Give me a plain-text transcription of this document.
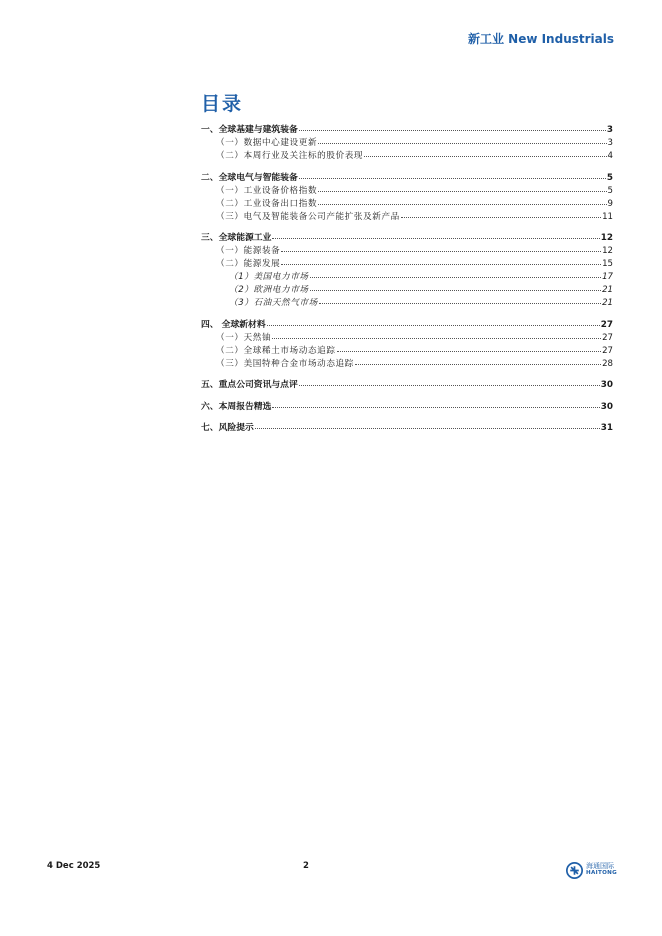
新工业 New Industrials
目录
一、全球基建与建筑装备	3
（一）数据中心建设更新	3
（二）本周行业及关注标的股价表现	4
二、全球电气与智能装备	5
（一）工业设备价格指数	5
（二）工业设备出口指数	9
（三）电气及智能装备公司产能扩张及新产品	11
三、全球能源工业	12
（一）能源装备	12
（二）能源发展	15
（1）美国电力市场	17
（2）欧洲电力市场	21
（3）石油天然气市场	21
四、 全球新材料	27
（一）天然铀	27
（二）全球稀土市场动态追踪	27
（三）美国特种合金市场动态追踪	28
五、重点公司资讯与点评	30
六、本周报告精选	30
七、风险提示	31
4 Dec 2025	2	海通国际
HAITONG
